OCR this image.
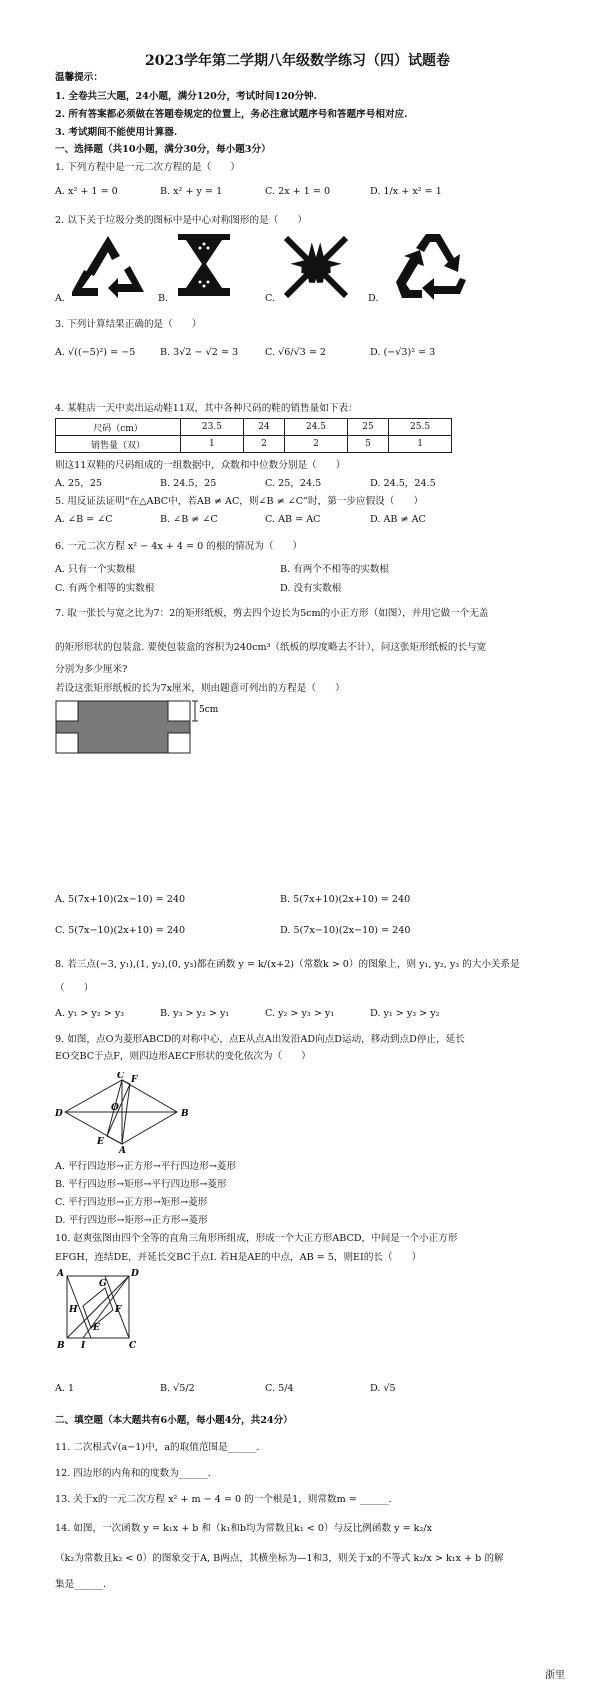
2023学年第二学期八年级数学练习（四）试题卷
温馨提示：
1. 全卷共三大题，24小题，满分120分，考试时间120分钟.
2. 所有答案都必须做在答题卷规定的位置上，务必注意试题序号和答题序号相对应.
3. 考试期间不能使用计算器.
一、选择题（共10小题，满分30分，每小题3分）
1. 下列方程中是一元二次方程的是（　　）
A. x² + 1 = 0	B. x² + y = 1	C. 2x + 1 = 0	D. 1/x + x² = 1
2. 以下关于垃圾分类的图标中是中心对称图形的是（　　）
A.	B.	C.	D.
3. 下列计算结果正确的是（　　）
A. √((−5)²) = −5	B. 3√2 − √2 = 3	C. √6/√3 = 2	D. (−√3)² = 3
4. 某鞋店一天中卖出运动鞋11双，其中各种尺码的鞋的销售量如下表：
尺码（cm）	23.5	24	24.5	25	25.5
销售量（双）	1	2	2	5	1
则这11双鞋的尺码组成的一组数据中，众数和中位数分别是（　　）
A. 25，25	B. 24.5，25	C. 25，24.5	D. 24.5，24.5
5. 用反证法证明“在△ABC中，若AB ≠ AC，则∠B ≠ ∠C”时，第一步应假设（　　）
A. ∠B = ∠C	B. ∠B ≠ ∠C	C. AB = AC	D. AB ≠ AC
6. 一元二次方程 x² − 4x + 4 = 0 的根的情况为（　　）
A. 只有一个实数根	B. 有两个不相等的实数根
C. 有两个相等的实数根	D. 没有实数根
7. 取一张长与宽之比为7：2的矩形纸板，剪去四个边长为5cm的小正方形（如图），并用它做一个无盖
的矩形形状的包装盒. 要使包装盒的容积为240cm³（纸板的厚度略去不计），问这张矩形纸板的长与宽
分别为多少厘米?
若设这张矩形纸板的长为7x厘米，则由题意可列出的方程是（　　）
5cm
A. 5(7x+10)(2x−10) = 240	B. 5(7x+10)(2x+10) = 240
C. 5(7x−10)(2x+10) = 240	D. 5(7x−10)(2x−10) = 240
8. 若三点(−3, y₁),(1, y₂),(0, y₃)都在函数 y = k/(x+2)（常数k > 0）的图象上，则 y₁, y₂, y₃ 的大小关系是
（　　）
A. y₁ > y₂ > y₃	B. y₃ > y₂ > y₁	C. y₂ > y₃ > y₁	D. y₁ > y₃ > y₂
9. 如图，点O为菱形ABCD的对称中心，点E从点A出发沿AD向点D运动，移动到点D停止，延长
EO交BC于点F，则四边形AECF形状的变化依次为（　　）
C F
O
D	B
E
A
A. 平行四边形→正方形→平行四边形→菱形
B. 平行四边形→矩形→平行四边形→菱形
C. 平行四边形→正方形→矩形→菱形
D. 平行四边形→矩形→正方形→菱形
10. 赵爽弦图由四个全等的直角三角形所组成，形成一个大正方形ABCD，中间是一个小正方形
EFGH，连结DE，并延长交BC于点I. 若H是AE的中点，AB = 5，则EI的长（　　）
A	D
G
H	F
E
B I	C
A. 1	B. √5/2	C. 5/4	D. √5
二、填空题（本大题共有6小题，每小题4分，共24分）
11. 二次根式√(a−1)中，a的取值范围是______.
12. 四边形的内角和的度数为______.
13. 关于x的一元二次方程 x² + m − 4 = 0 的一个根是1，则常数m = ______.
14. 如图，一次函数 y = k₁x + b 和（k₁和b均为常数且k₁ < 0）与反比例函数 y = k₂/x
（k₂为常数且k₂ < 0）的图象交于A, B两点，其横坐标为—1和3，则关于x的不等式 k₂/x > k₁x + b 的解
集是______.
浙里
